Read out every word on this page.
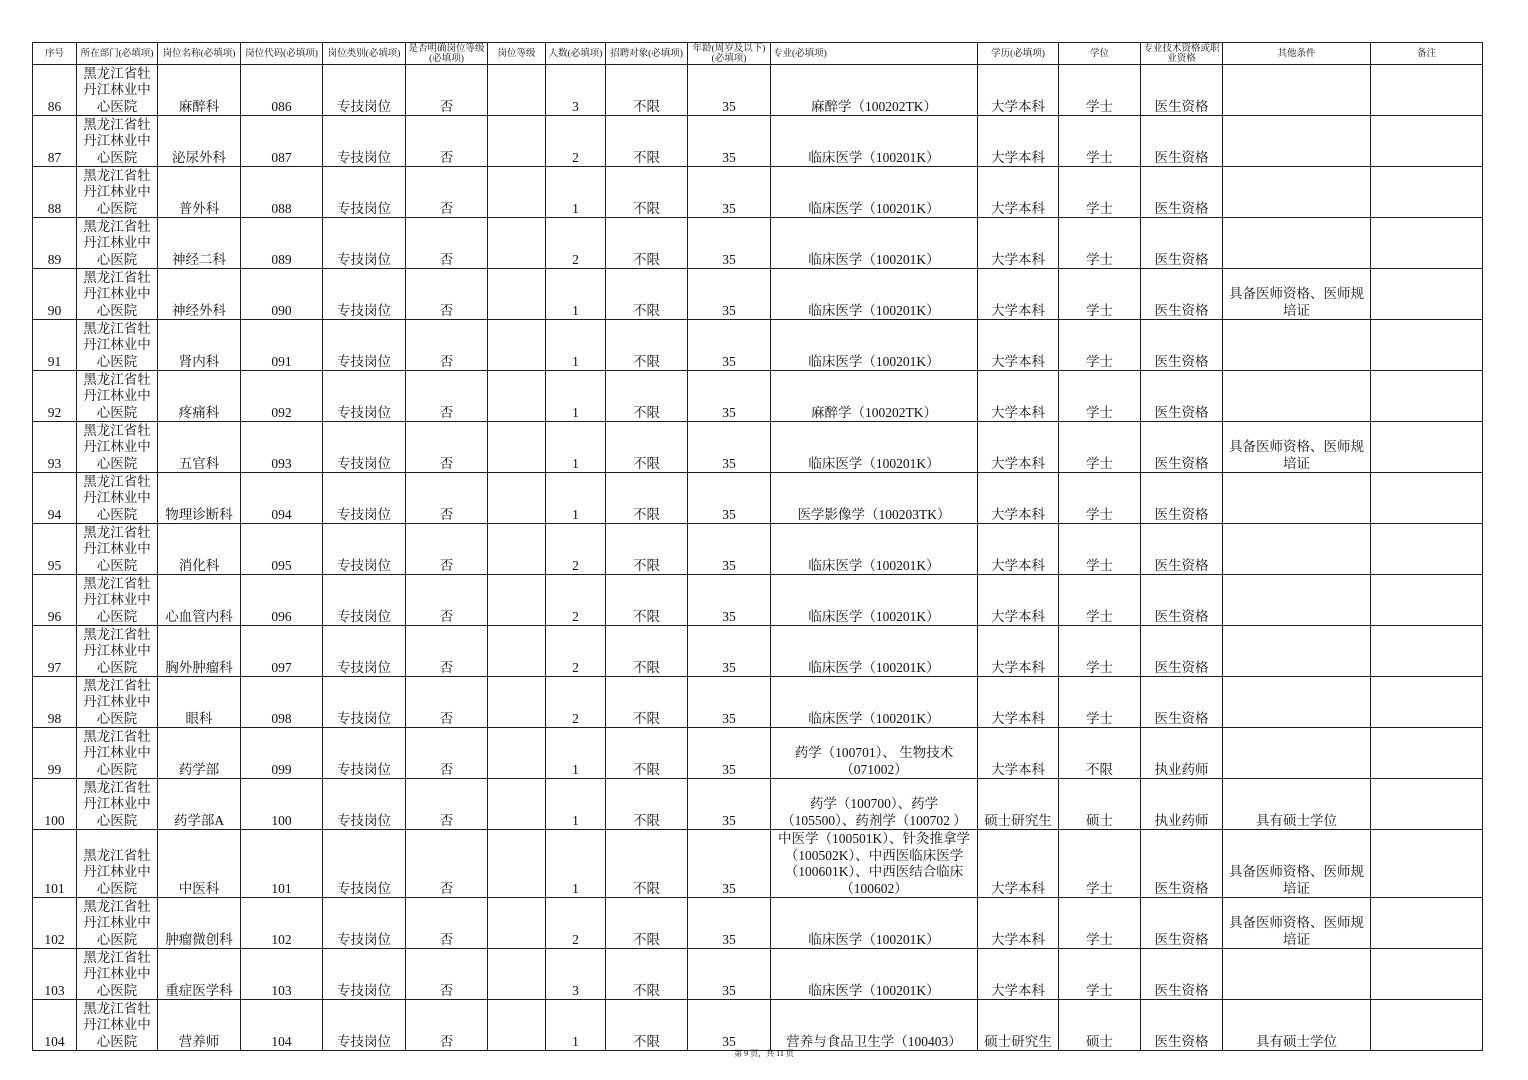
序号	所在部门(必填项)	岗位名称(必填项)	岗位代码(必填项)	岗位类别(必填项)	是否明确岗位等级(必填项)	岗位等级	人数(必填项)	招聘对象(必填项)	年龄(周岁及以下)(必填项)	专业(必填项)	学历(必填项)	学位	专业技术资格或职业资格	其他条件	备注
86	黑龙江省牡丹江林业中心医院	麻醉科	086	专技岗位	否		3	不限	35	麻醉学（100202TK）	大学本科	学士	医生资格		
87	黑龙江省牡丹江林业中心医院	泌尿外科	087	专技岗位	否		2	不限	35	临床医学（100201K）	大学本科	学士	医生资格		
88	黑龙江省牡丹江林业中心医院	普外科	088	专技岗位	否		1	不限	35	临床医学（100201K）	大学本科	学士	医生资格		
89	黑龙江省牡丹江林业中心医院	神经二科	089	专技岗位	否		2	不限	35	临床医学（100201K）	大学本科	学士	医生资格		
90	黑龙江省牡丹江林业中心医院	神经外科	090	专技岗位	否		1	不限	35	临床医学（100201K）	大学本科	学士	医生资格	具备医师资格、医师规培证	
91	黑龙江省牡丹江林业中心医院	肾内科	091	专技岗位	否		1	不限	35	临床医学（100201K）	大学本科	学士	医生资格		
92	黑龙江省牡丹江林业中心医院	疼痛科	092	专技岗位	否		1	不限	35	麻醉学（100202TK）	大学本科	学士	医生资格		
93	黑龙江省牡丹江林业中心医院	五官科	093	专技岗位	否		1	不限	35	临床医学（100201K）	大学本科	学士	医生资格	具备医师资格、医师规培证	
94	黑龙江省牡丹江林业中心医院	物理诊断科	094	专技岗位	否		1	不限	35	医学影像学（100203TK）	大学本科	学士	医生资格		
95	黑龙江省牡丹江林业中心医院	消化科	095	专技岗位	否		2	不限	35	临床医学（100201K）	大学本科	学士	医生资格		
96	黑龙江省牡丹江林业中心医院	心血管内科	096	专技岗位	否		2	不限	35	临床医学（100201K）	大学本科	学士	医生资格		
97	黑龙江省牡丹江林业中心医院	胸外肿瘤科	097	专技岗位	否		2	不限	35	临床医学（100201K）	大学本科	学士	医生资格		
98	黑龙江省牡丹江林业中心医院	眼科	098	专技岗位	否		2	不限	35	临床医学（100201K）	大学本科	学士	医生资格		
99	黑龙江省牡丹江林业中心医院	药学部	099	专技岗位	否		1	不限	35	药学（100701）、 生物技术
（071002）	大学本科	不限	执业药师		
100	黑龙江省牡丹江林业中心医院	药学部A	100	专技岗位	否		1	不限	35	药学（100700）、药学
（105500）、药剂学（100702 ）	硕士研究生	硕士	执业药师	具有硕士学位	
101	黑龙江省牡丹江林业中心医院	中医科	101	专技岗位	否		1	不限	35	中医学（100501K）、针灸推拿学
（100502K）、中西医临床医学
（100601K）、中西医结合临床
（100602）	大学本科	学士	医生资格	具备医师资格、医师规培证	
102	黑龙江省牡丹江林业中心医院	肿瘤微创科	102	专技岗位	否		2	不限	35	临床医学（100201K）	大学本科	学士	医生资格	具备医师资格、医师规培证	
103	黑龙江省牡丹江林业中心医院	重症医学科	103	专技岗位	否		3	不限	35	临床医学（100201K）	大学本科	学士	医生资格		
104	黑龙江省牡丹江林业中心医院	营养师	104	专技岗位	否		1	不限	35	营养与食品卫生学（100403）	硕士研究生	硕士	医生资格	具有硕士学位	
第 9 页，共 11 页
